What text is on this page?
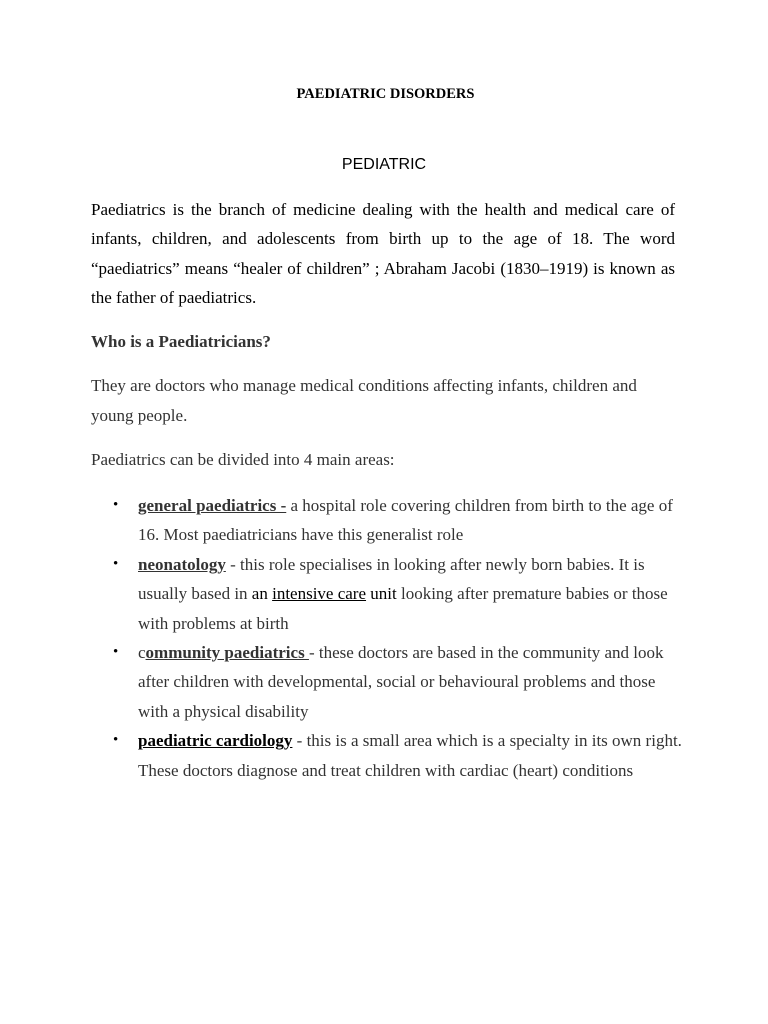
PAEDIATRIC DISORDERS
PEDIATRIC

Paediatrics is the branch of medicine dealing with the health and medical care of infants, children, and adolescents from birth up to the age of 18. The word “paediatrics” means “healer of children” ; Abraham Jacobi (1830–1919) is known as the father of paediatrics.

Who is a Paediatricians?

They are doctors who manage medical conditions affecting infants, children and young people.

Paediatrics can be divided into 4 main areas:

• general paediatrics - a hospital role covering children from birth to the age of 16. Most paediatricians have this generalist role
• neonatology - this role specialises in looking after newly born babies. It is usually based in an intensive care unit looking after premature babies or those with problems at birth
• community paediatrics - these doctors are based in the community and look after children with developmental, social or behavioural problems and those with a physical disability
• paediatric cardiology - this is a small area which is a specialty in its own right. These doctors diagnose and treat children with cardiac (heart) conditions
